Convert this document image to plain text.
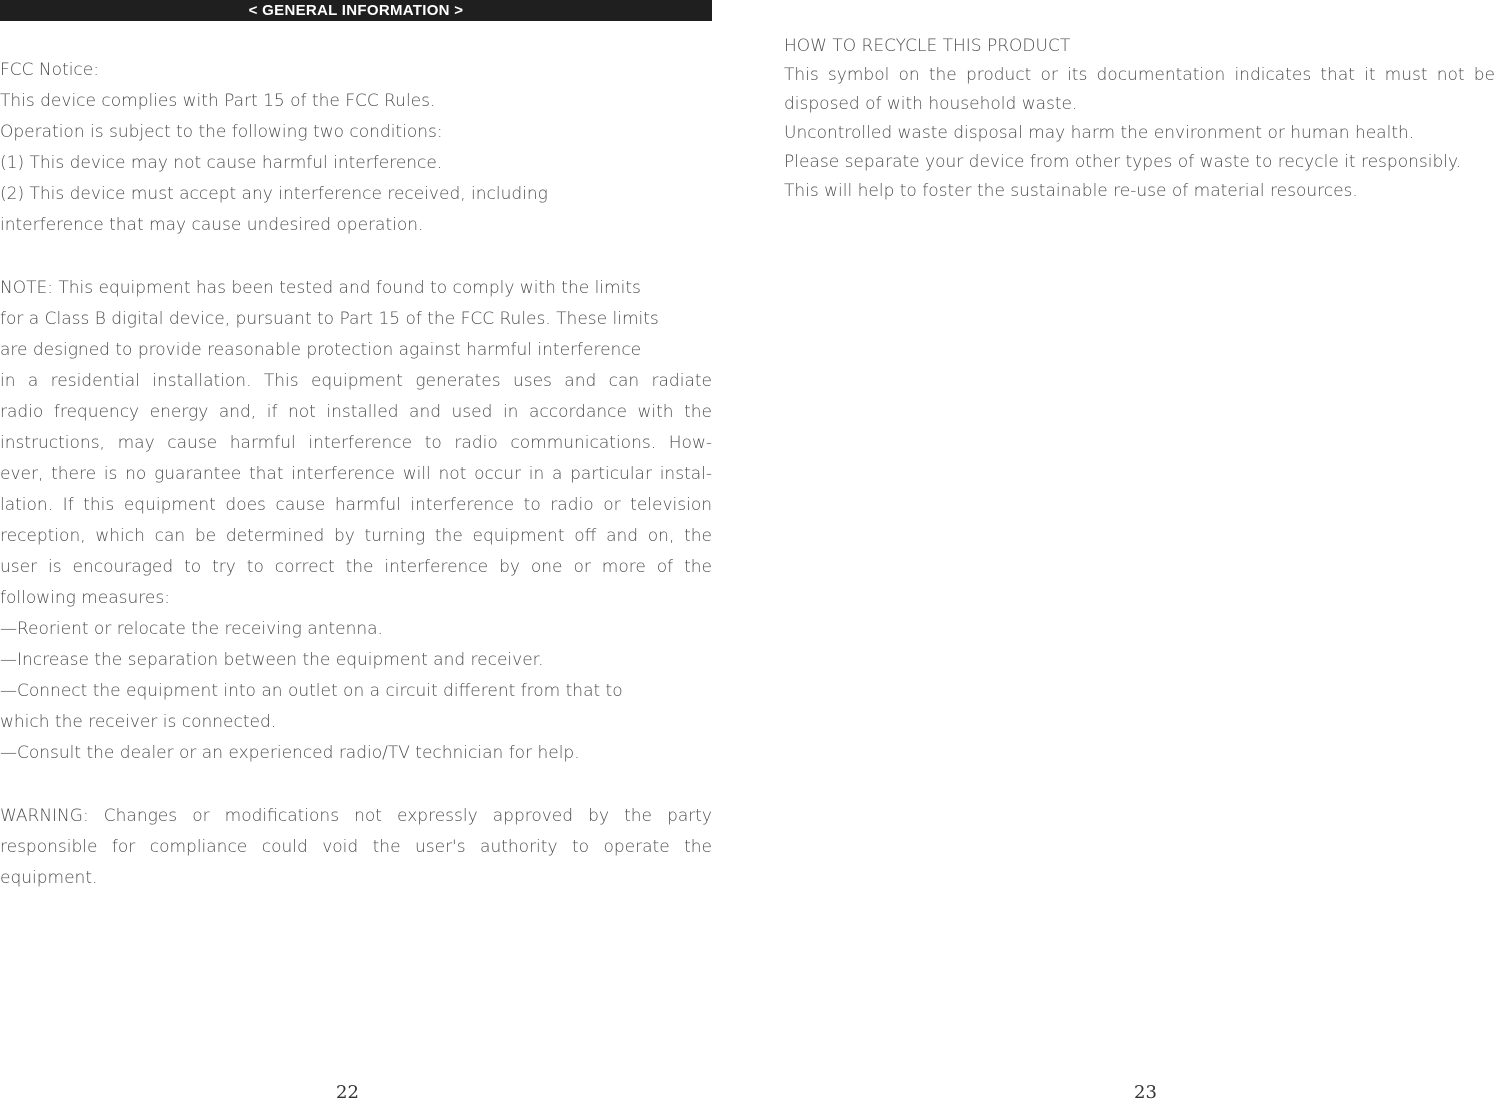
< GENERAL INFORMATION >
FCC Notice:
This device complies with Part 15 of the FCC Rules.
Operation is subject to the following two conditions:
(1) This device may not cause harmful interference.
(2) This device must accept any interference received, including
interference that may cause undesired operation.
NOTE: This equipment has been tested and found to comply with the limits
for a Class B digital device, pursuant to Part 15 of the FCC Rules. These limits
are designed to provide reasonable protection against harmful interference
in a residential installation. This equipment generates uses and can radiate
radio frequency energy and, if not installed and used in accordance with the
instructions, may cause harmful interference to radio communications. How-
ever, there is no guarantee that interference will not occur in a particular instal-
lation. If this equipment does cause harmful interference to radio or television
reception, which can be determined by turning the equipment off and on, the
user is encouraged to try to correct the interference by one or more of the
following measures:
—Reorient or relocate the receiving antenna.
—Increase the separation between the equipment and receiver.
—Connect the equipment into an outlet on a circuit different from that to
which the receiver is connected.
—Consult the dealer or an experienced radio/TV technician for help.
WARNING: Changes or modifications not expressly approved by the party
responsible for compliance could void the user's authority to operate the
equipment.
HOW TO RECYCLE THIS PRODUCT
This symbol on the product or its documentation indicates that it must not be
disposed of with household waste.
Uncontrolled waste disposal may harm the environment or human health.
Please separate your device from other types of waste to recycle it responsibly.
This will help to foster the sustainable re-use of material resources.
22	23
